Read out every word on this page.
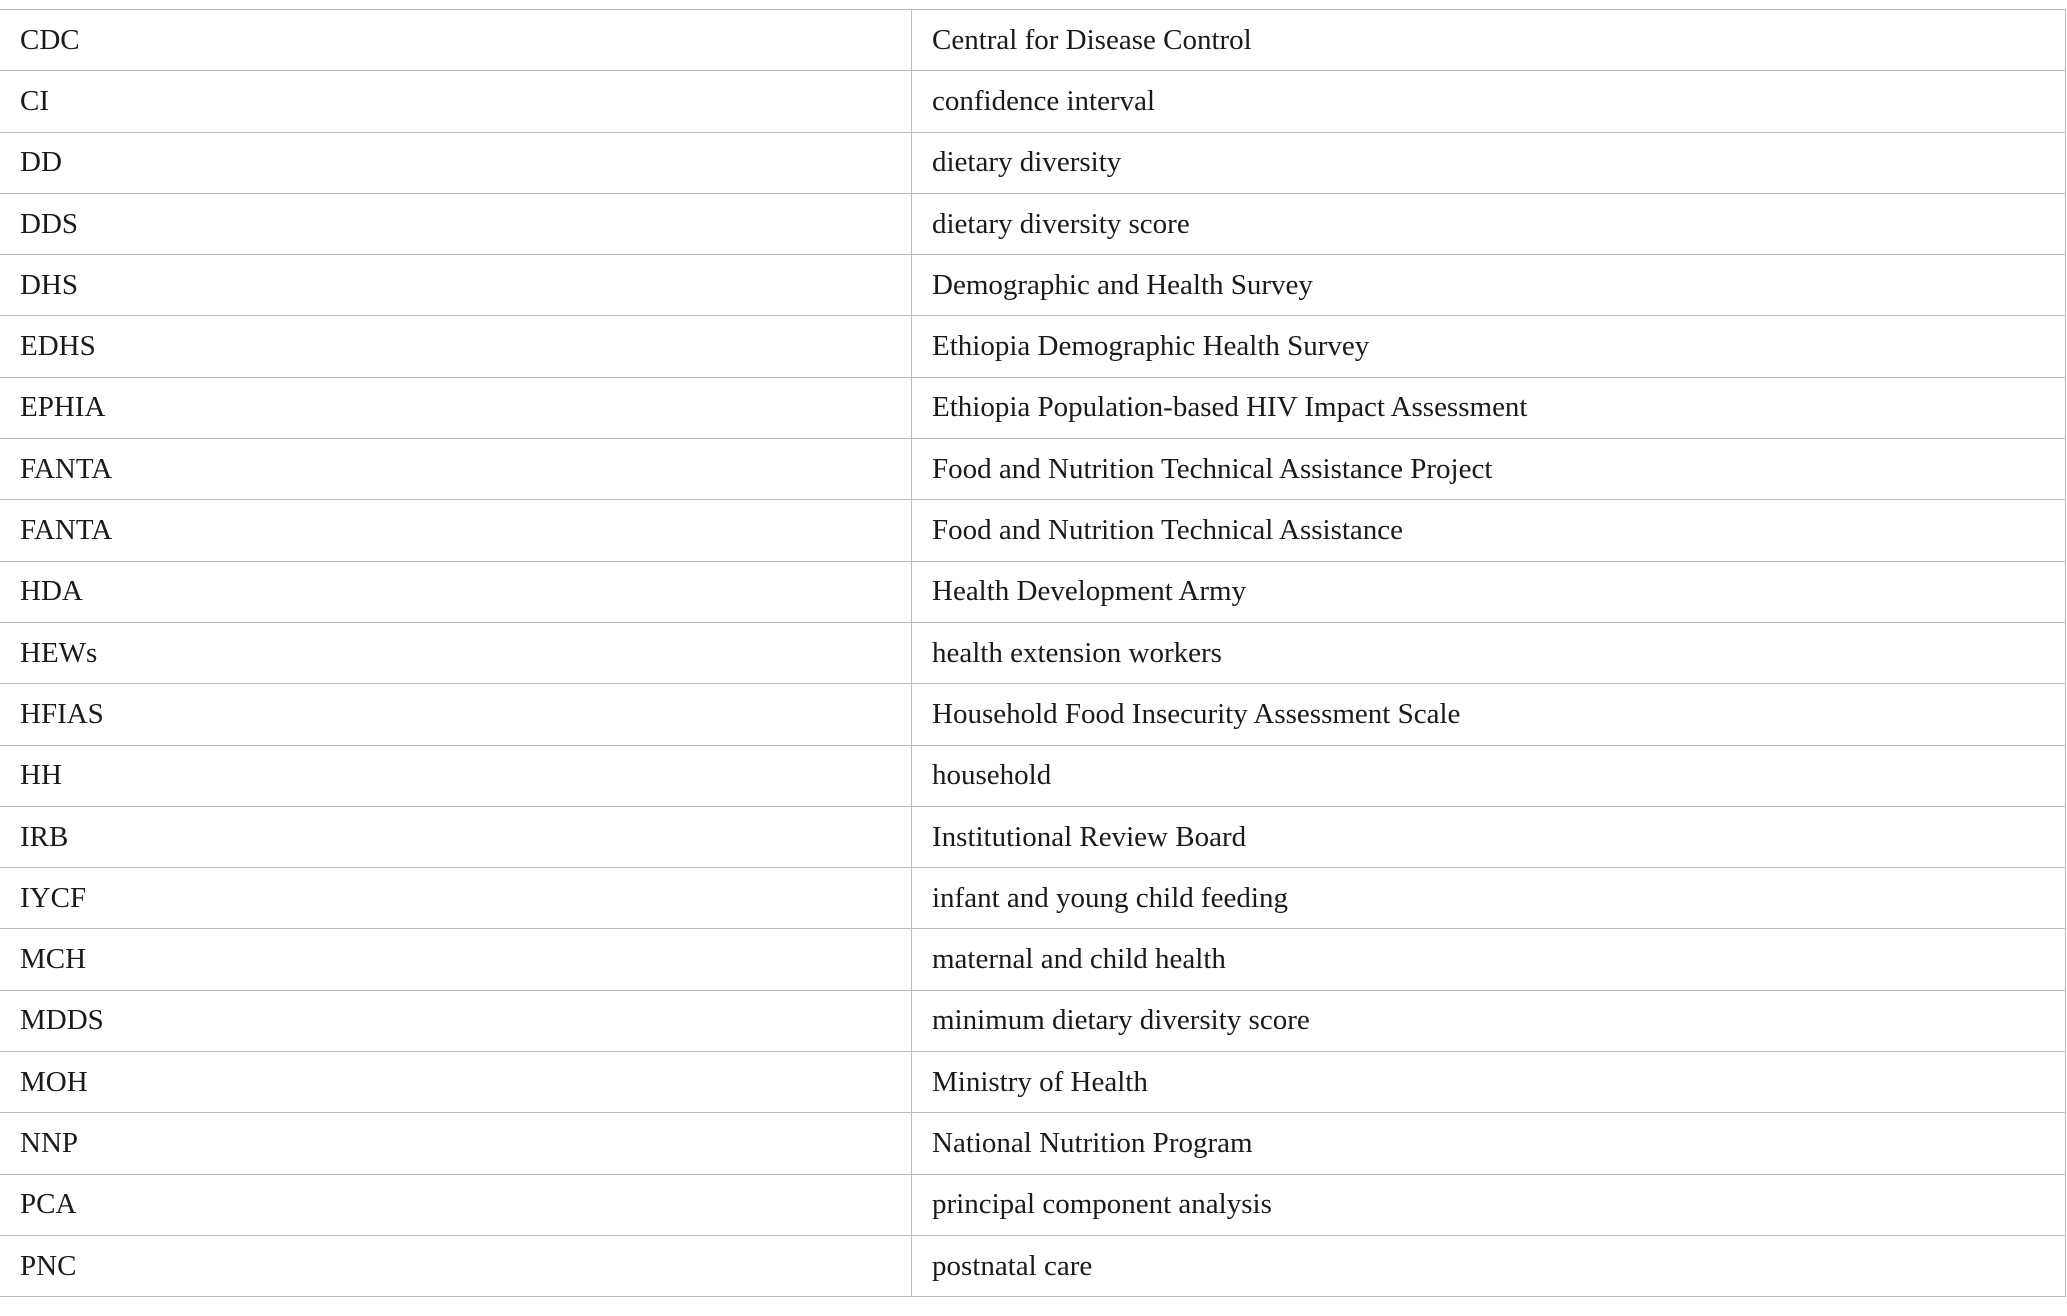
CDC	Central for Disease Control
CI	confidence interval
DD	dietary diversity
DDS	dietary diversity score
DHS	Demographic and Health Survey
EDHS	Ethiopia Demographic Health Survey
EPHIA	Ethiopia Population-based HIV Impact Assessment
FANTA	Food and Nutrition Technical Assistance Project
FANTA	Food and Nutrition Technical Assistance
HDA	Health Development Army
HEWs	health extension workers
HFIAS	Household Food Insecurity Assessment Scale
HH	household
IRB	Institutional Review Board
IYCF	infant and young child feeding
MCH	maternal and child health
MDDS	minimum dietary diversity score
MOH	Ministry of Health
NNP	National Nutrition Program
PCA	principal component analysis
PNC	postnatal care
